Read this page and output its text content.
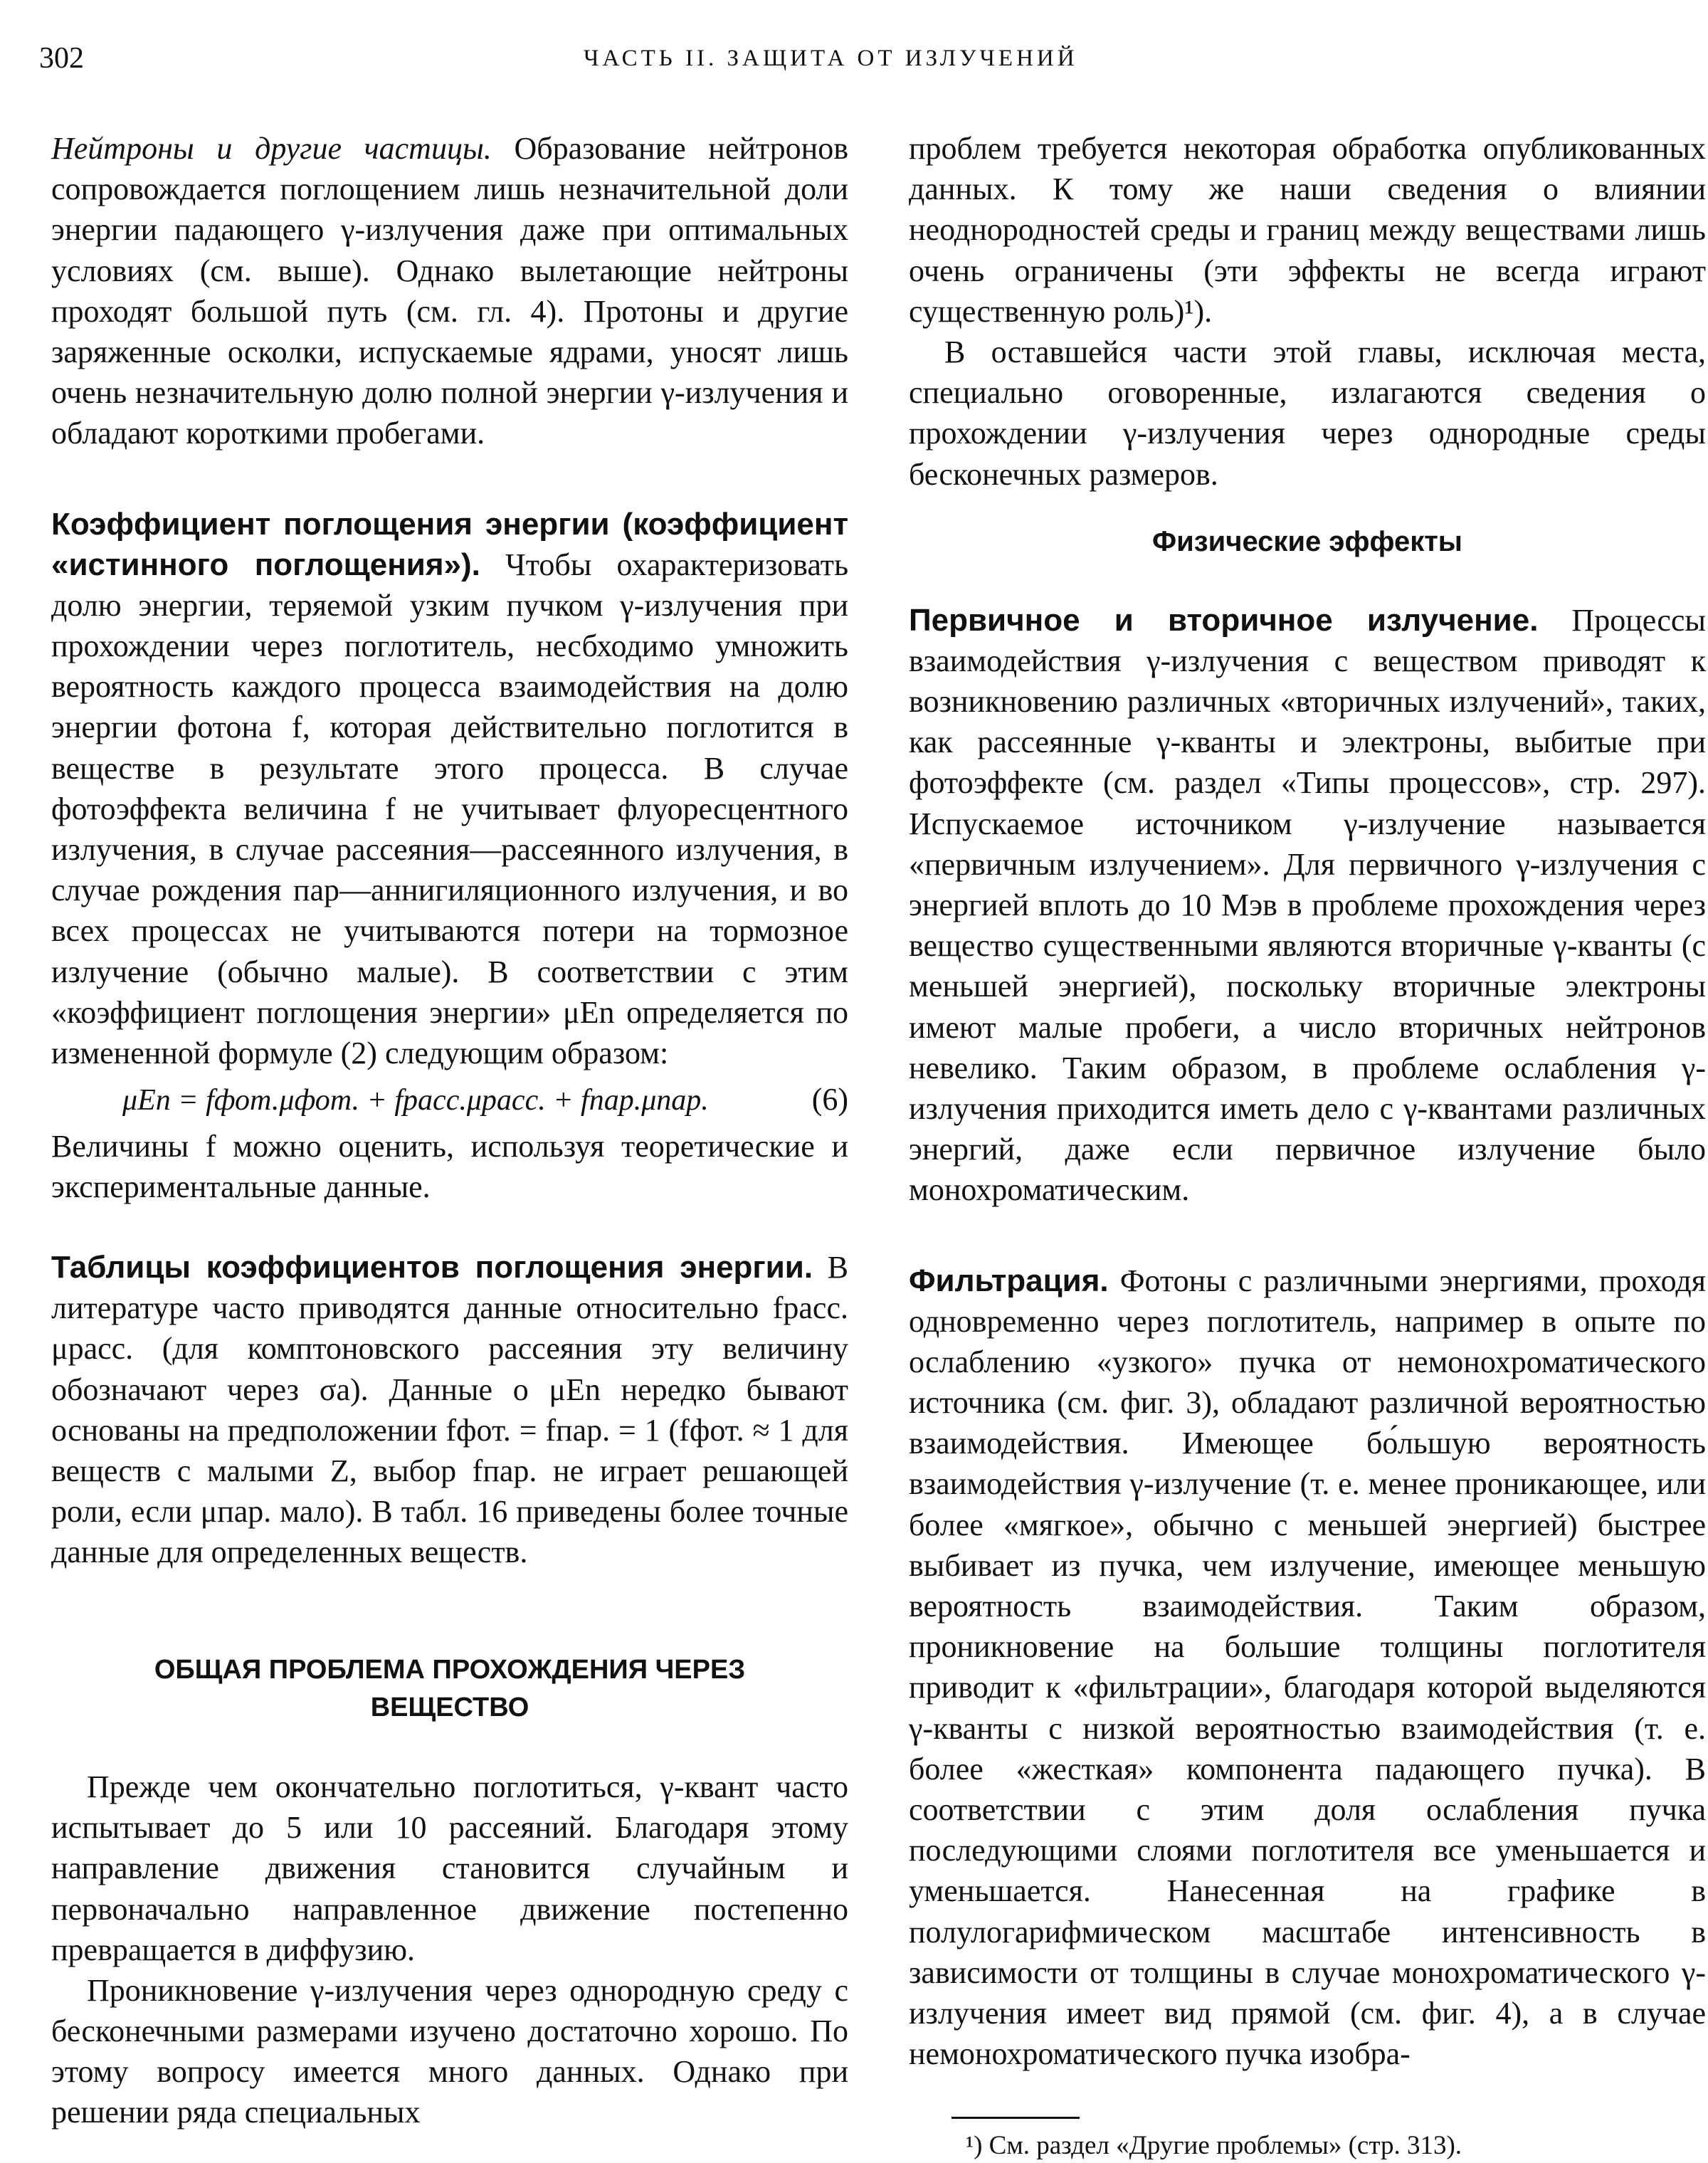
302	ЧАСТЬ II. ЗАЩИТА ОТ ИЗЛУЧЕНИЙ

Нейтроны и другие частицы. Образование нейтронов сопровождается поглощением лишь незначительной доли энергии падающего γ-излучения даже при оптимальных условиях (см. выше). Однако вылетающие нейтроны проходят большой путь (см. гл. 4). Протоны и другие заряженные осколки, испускаемые ядрами, уносят лишь очень незначительную долю полной энергии γ-излучения и обладают короткими пробегами.

Коэффициент поглощения энергии (коэффициент «истинного поглощения»). Чтобы охарактеризовать долю энергии, теряемой узким пучком γ-излучения при прохождении через поглотитель, несбходимо умножить вероятность каждого процесса взаимодействия на долю энергии фотона f, которая действительно поглотится в веществе в результате этого процесса. В случае фотоэффекта величина f не учитывает флуоресцентного излучения, в случае рассеяния—рассеянного излучения, в случае рождения пар—аннигиляционного излучения, и во всех процессах не учитываются потери на тормозное излучение (обычно малые). В соответствии с этим «коэффициент поглощения энергии» μEn определяется по измененной формуле (2) следующим образом:

μEn = fфот.μфот. + fрасс.μрасс. + fпар.μпар.	(6)

Величины f можно оценить, используя теоретические и экспериментальные данные.

Таблицы коэффициентов поглощения энергии. В литературе часто приводятся данные относительно fрасс. μрасс. (для комптоновского рассеяния эту величину обозначают через σa). Данные о μEn нередко бывают основаны на предположении fфот. = fпар. = 1 (fфот. ≈ 1 для веществ с малыми Z, выбор fпар. не играет решающей роли, если μпар. мало). В табл. 16 приведены более точные данные для определенных веществ.

ОБЩАЯ ПРОБЛЕМА ПРОХОЖДЕНИЯ ЧЕРЕЗ
ВЕЩЕСТВО

Прежде чем окончательно поглотиться, γ-квант часто испытывает до 5 или 10 рассеяний. Благодаря этому направление движения становится случайным и первоначально направленное движение постепенно превращается в диффузию.

Проникновение γ-излучения через однородную среду с бесконечными размерами изучено достаточно хорошо. По этому вопросу имеется много данных. Однако при решении ряда специальных

проблем требуется некоторая обработка опубликованных данных. К тому же наши сведения о влиянии неоднородностей среды и границ между веществами лишь очень ограничены (эти эффекты не всегда играют существенную роль)¹).

В оставшейся части этой главы, исключая места, специально оговоренные, излагаются сведения о прохождении γ-излучения через однородные среды бесконечных размеров.

Физические эффекты

Первичное и вторичное излучение. Процессы взаимодействия γ-излучения с веществом приводят к возникновению различных «вторичных излучений», таких, как рассеянные γ-кванты и электроны, выбитые при фотоэффекте (см. раздел «Типы процессов», стр. 297). Испускаемое источником γ-излучение называется «первичным излучением». Для первичного γ-излучения с энергией вплоть до 10 Мэв в проблеме прохождения через вещество существенными являются вторичные γ-кванты (с меньшей энергией), поскольку вторичные электроны имеют малые пробеги, а число вторичных нейтронов невелико. Таким образом, в проблеме ослабления γ-излучения приходится иметь дело с γ-квантами различных энергий, даже если первичное излучение было монохроматическим.

Фильтрация. Фотоны с различными энергиями, проходя одновременно через поглотитель, например в опыте по ослаблению «узкого» пучка от немонохроматического источника (см. фиг. 3), обладают различной вероятностью взаимодействия. Имеющее бо́льшую вероятность взаимодействия γ-излучение (т. е. менее проникающее, или более «мягкое», обычно с меньшей энергией) быстрее выбивает из пучка, чем излучение, имеющее меньшую вероятность взаимодействия. Таким образом, проникновение на большие толщины поглотителя приводит к «фильтрации», благодаря которой выделяются γ-кванты с низкой вероятностью взаимодействия (т. е. более «жесткая» компонента падающего пучка). В соответствии с этим доля ослабления пучка последующими слоями поглотителя все уменьшается и уменьшается. Нанесенная на графике в полулогарифмическом масштабе интенсивность в зависимости от толщины в случае монохроматического γ-излучения имеет вид прямой (см. фиг. 4), а в случае немонохроматического пучка изобра-

¹) См. раздел «Другие проблемы» (стр. 313).
